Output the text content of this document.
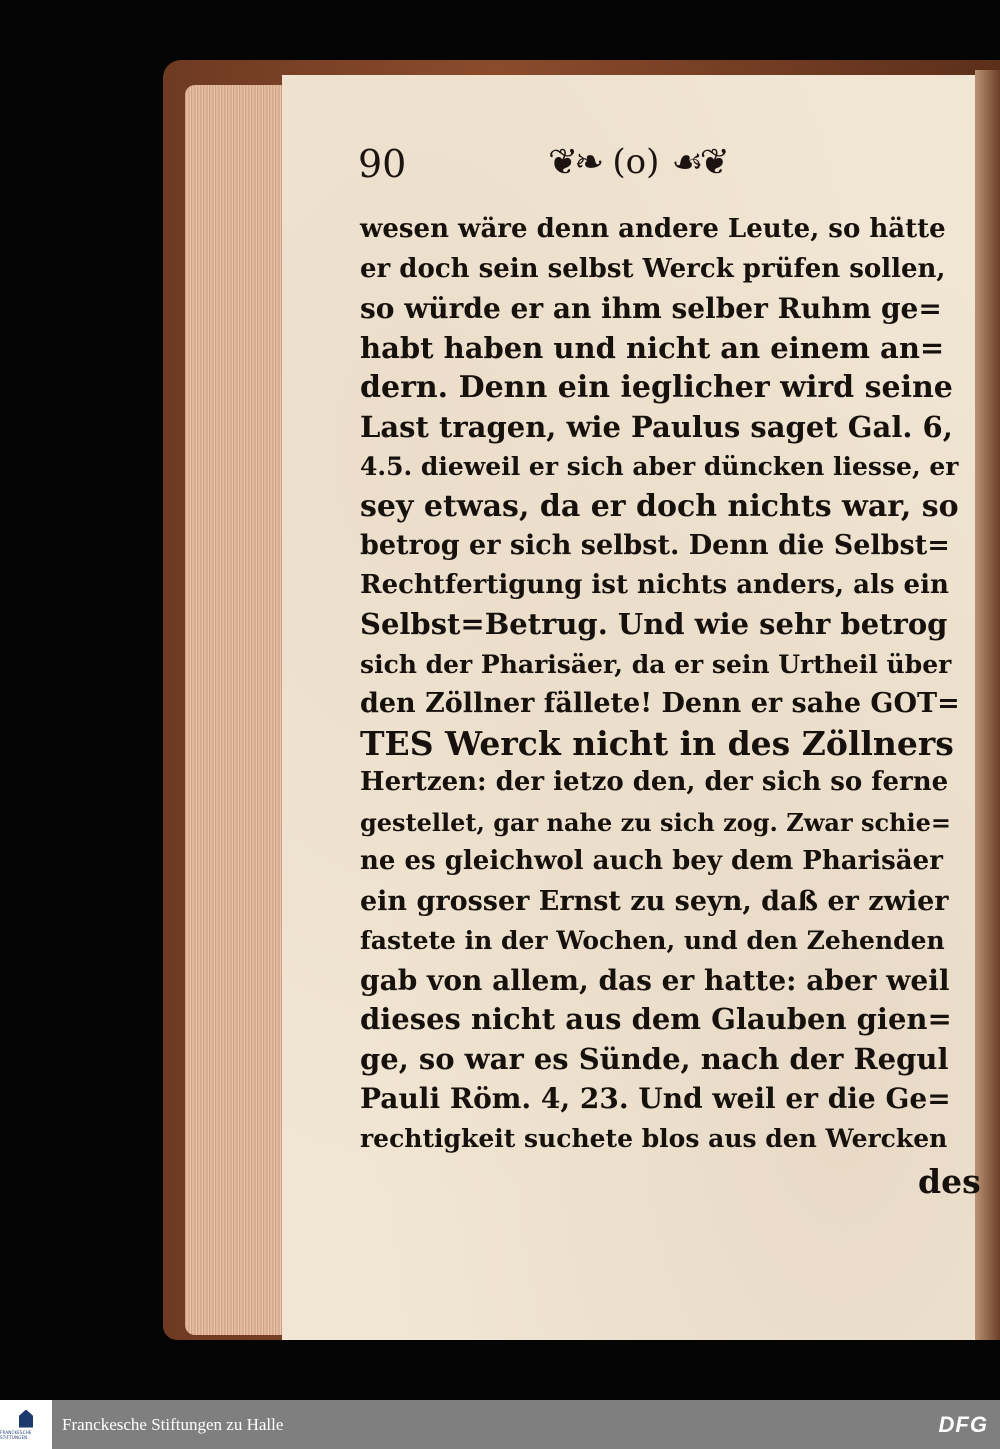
90	❦❧ (o) ☙❦
wesen wäre denn andere Leute, so hätte
er doch sein selbst Werck prüfen sollen,
so würde er an ihm selber Ruhm ge=
habt haben und nicht an einem an=
dern. Denn ein ieglicher wird seine
Last tragen, wie Paulus saget Gal. 6,
4.5. dieweil er sich aber düncken liesse, er
sey etwas, da er doch nichts war, so
betrog er sich selbst. Denn die Selbst=
Rechtfertigung ist nichts anders, als ein
Selbst=Betrug. Und wie sehr betrog
sich der Pharisäer, da er sein Urtheil über
den Zöllner fällete! Denn er sahe GOT=
TES Werck nicht in des Zöllners
Hertzen: der ietzo den, der sich so ferne
gestellet, gar nahe zu sich zog. Zwar schie=
ne es gleichwol auch bey dem Pharisäer
ein grosser Ernst zu seyn, daß er zwier
fastete in der Wochen, und den Zehenden
gab von allem, das er hatte: aber weil
dieses nicht aus dem Glauben gien=
ge, so war es Sünde, nach der Regul
Pauli Röm. 4, 23. Und weil er die Ge=
rechtigkeit suchete blos aus den Wercken
des
FRANCKESCHE STIFTUNGEN
Franckesche Stiftungen zu Halle	DFG
